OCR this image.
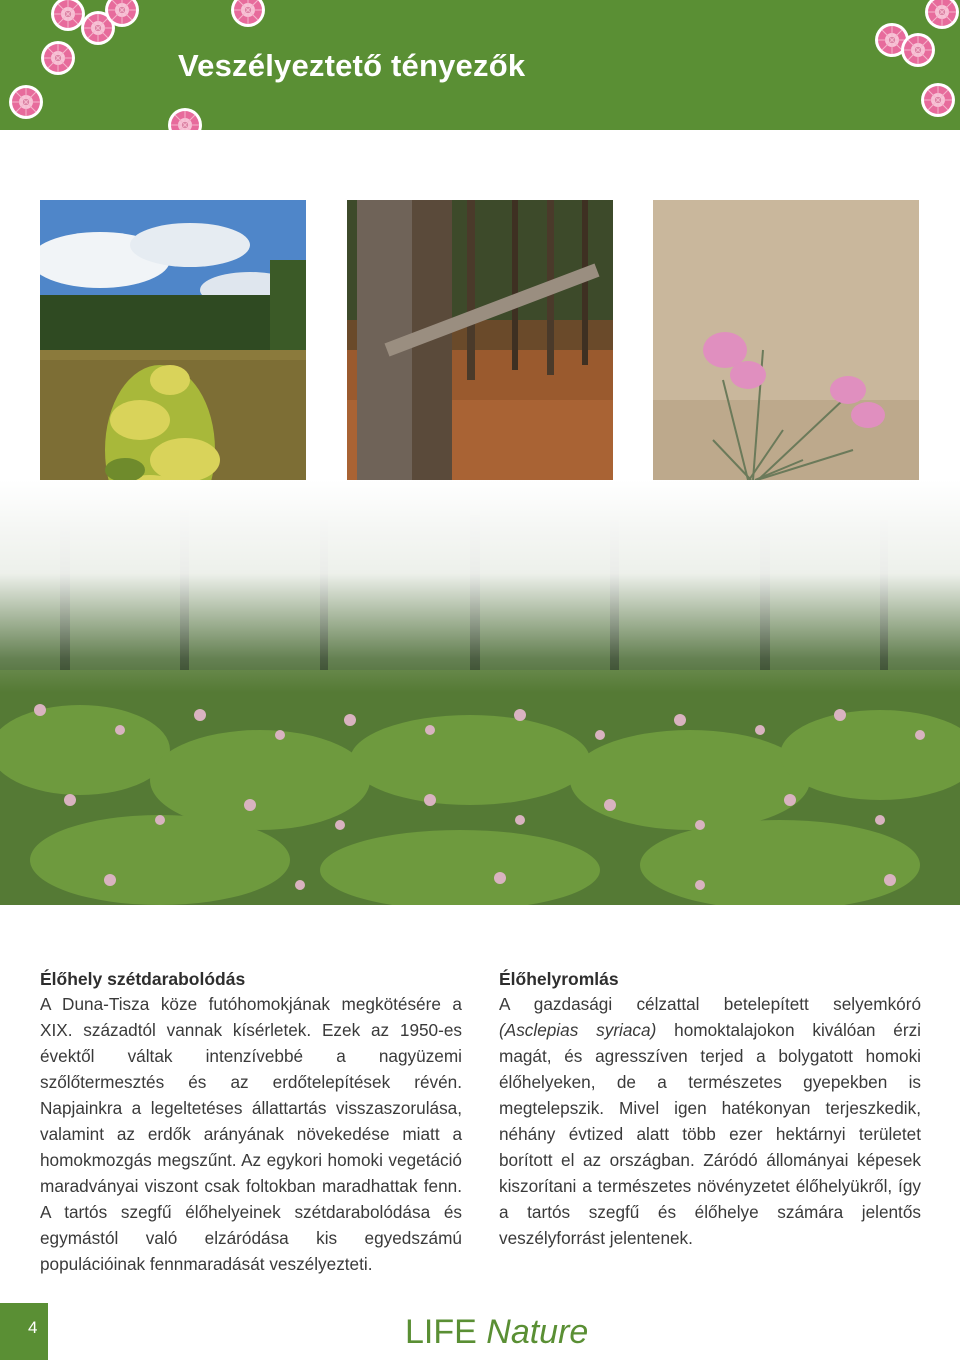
Veszélyeztető tényezők
Élőhely szétdarabolódás

A Duna-Tisza köze futóhomokjának megkötésére a XIX. századtól vannak kísérletek. Ezek az 1950-es évektől váltak intenzívebbé a nagyüzemi szőlőtermesztés és az erdőtelepítések révén. Napjainkra a legeltetéses állattartás visszaszorulása, valamint az erdők arányának növekedése miatt a homokmozgás megszűnt. Az egykori homoki vegetáció maradványai viszont csak foltokban maradhattak fenn. A tartós szegfű élőhelyeinek szétdarabolódása és egymástól való elzáródása kis egyedszámú populációinak fennmaradását veszélyezteti.

Élőhelyromlás

A gazdasági célzattal betelepített selyemkóró (Asclepias syriaca) homoktalajokon kiválóan érzi magát, és agresszíven terjed a bolygatott homoki élőhelyeken, de a természetes gyepekben is megtelepszik. Mivel igen hatékonyan terjeszkedik, néhány évtized alatt több ezer hektárnyi területet borított el az országban. Záródó állományai képesek kiszorítani a természetes növényzetet élőhelyükről, így a tartós szegfű és élőhelye számára jelentős veszélyforrást jelentenek.

4	LIFE Nature
